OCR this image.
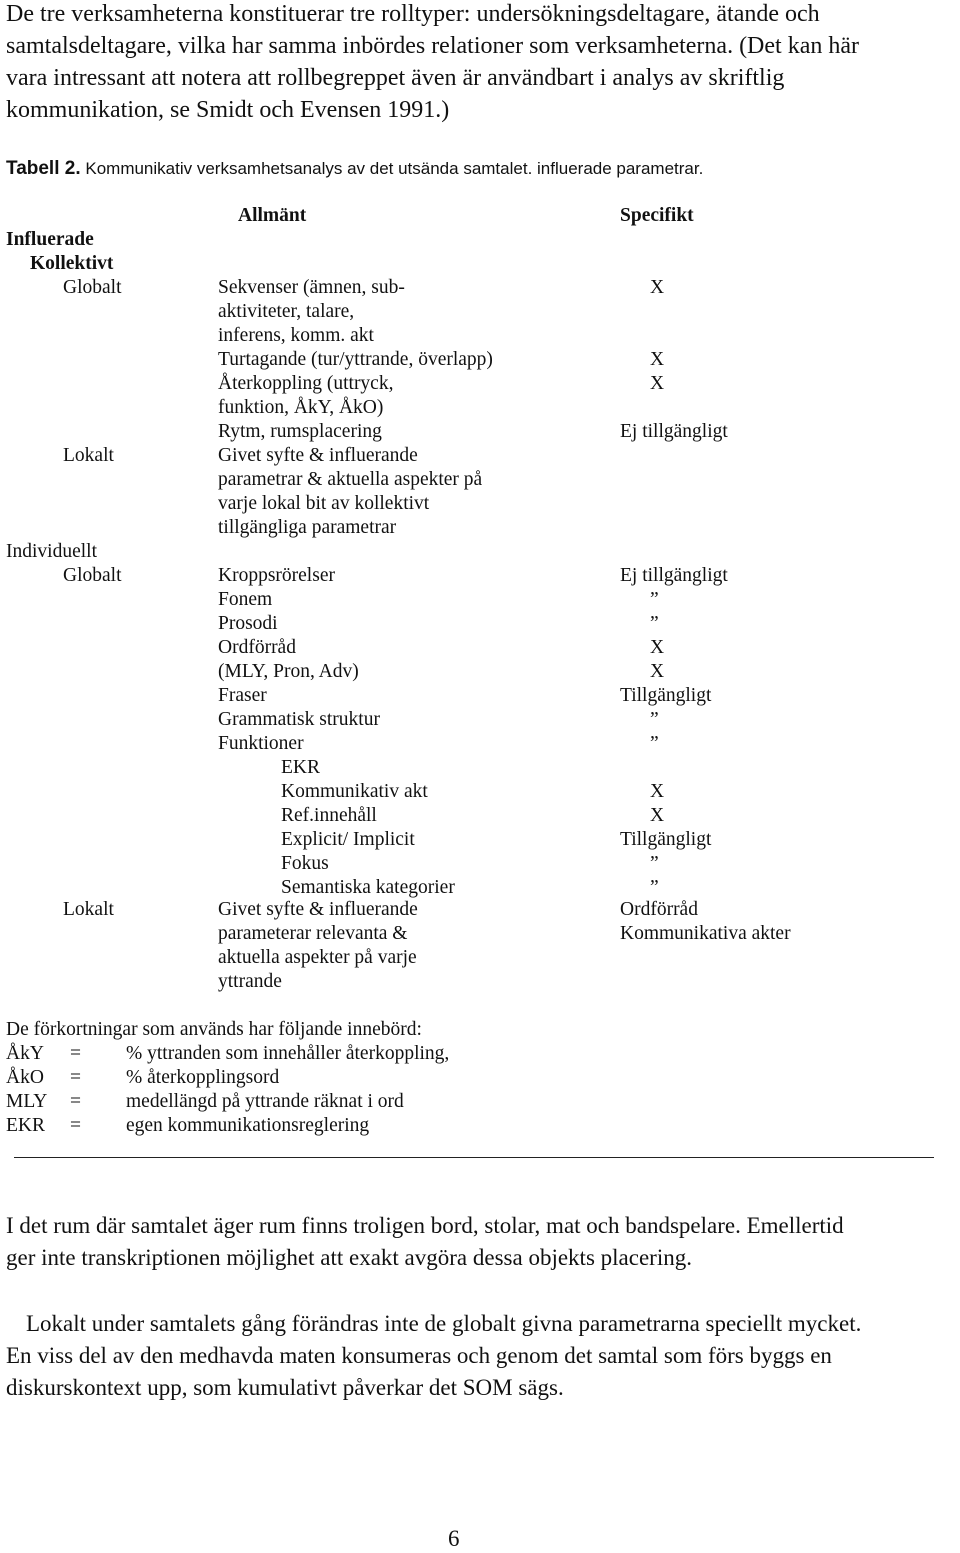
De tre verksamheterna konstituerar tre rolltyper: undersökningsdeltagare, ätande och
samtalsdeltagare, vilka har samma inbördes relationer som verksamheterna. (Det kan här
vara intressant att notera att rollbegreppet även är användbart i analys av skriftlig
kommunikation, se Smidt och Evensen 1991.)
Tabell 2. Kommunikativ verksamhetsanalys av det utsända samtalet. influerade parametrar.
Allmänt	Specifikt
Influerade
Kollektivt
Individuellt
Globalt
Lokalt
Globalt
Lokalt
Sekvenser (ämnen, sub-
aktiviteter, talare,
inferens, komm. akt
Turtagande (tur/yttrande, överlapp)
Återkoppling (uttryck,
funktion, ÅkY, ÅkO)
Rytm, rumsplacering
Givet syfte & influerande
parametrar & aktuella aspekter på
varje lokal bit av kollektivt
tillgängliga parametrar
Kroppsrörelser
Fonem
Prosodi
Ordförråd
(MLY, Pron, Adv)
Fraser
Grammatisk struktur
Funktioner
EKR
Kommunikativ akt
Ref.innehåll
Explicit/ Implicit
Fokus
Semantiska kategorier
Givet syfte & influerande
parameterar relevanta &
aktuella aspekter på varje
yttrande
X
X
X
Ej tillgängligt
Ej tillgängligt
”
”
X
X
Tillgängligt
”
”
X
X
Tillgängligt
”
”
Ordförråd
Kommunikativa akter
De förkortningar som används har följande innebörd:
ÅkY = % yttranden som innehåller återkoppling,
ÅkO = % återkopplingsord
MLY = medellängd på yttrande räknat i ord
EKR = egen kommunikationsreglering
I det rum där samtalet äger rum finns troligen bord, stolar, mat och bandspelare. Emellertid
ger inte transkriptionen möjlighet att exakt avgöra dessa objekts placering.
Lokalt under samtalets gång förändras inte de globalt givna parametrarna speciellt mycket.
En viss del av den medhavda maten konsumeras och genom det samtal som förs byggs en
diskurskontext upp, som kumulativt påverkar det SOM sägs.
6
